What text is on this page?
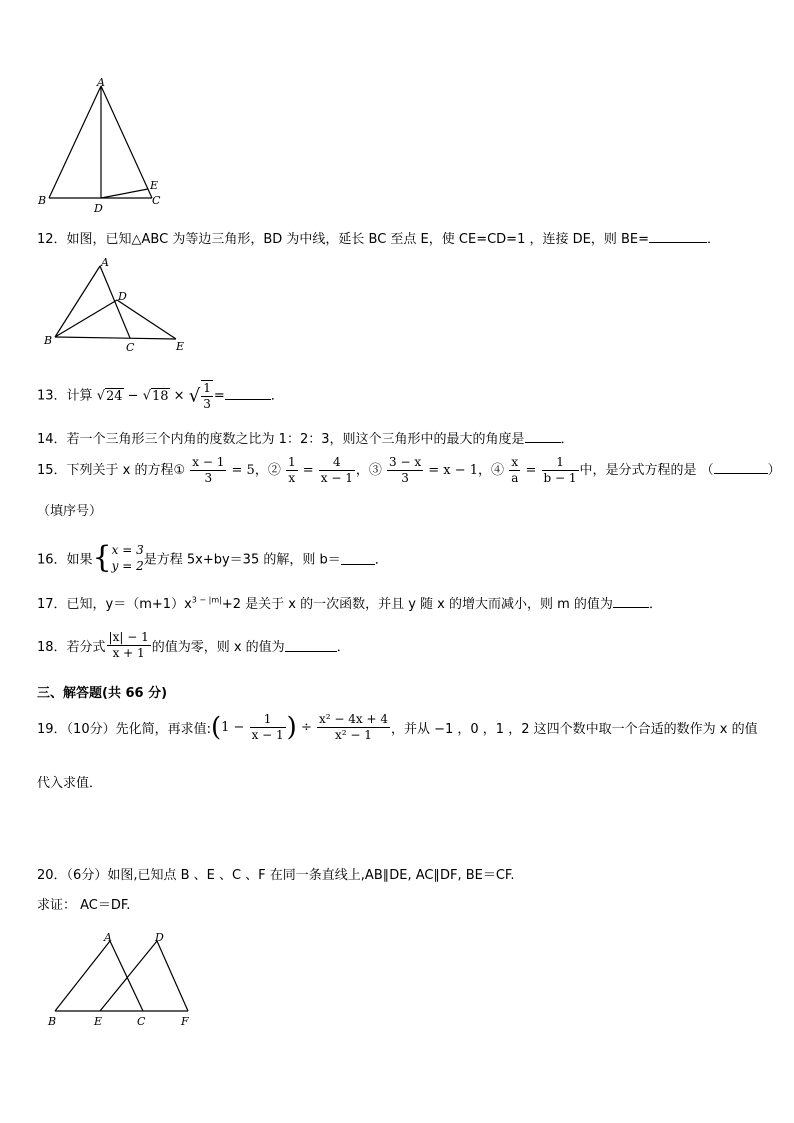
A
B	C
D
E
12．如图，已知△ABC 为等边三角形，BD 为中线，延长 BC 至点 E，使 CE=CD=1 ，连接 DE，则 BE=	．
A
B
C
D
E
13．计算 √24 − √18 × √ $\frac{1}{3}$ =	．
14．若一个三角形三个内角的度数之比为 1：2：3，则这个三角形中的最大的角度是	．
15．下列关于 x 的方程① $\frac{x - 1}{3} = 5$，② $\frac{1}{x} = \frac{4}{x - 1}$ ，③ $\frac{3 - x}{3} = x - 1$，④ $\frac{x}{a} = \frac{1}{b - 1}$ 中，是分式方程的是 （	）
（填序号）
16．如果{ x = 3
y = 2 是方程 5x+by＝35 的解，则 b＝	．
17．已知，$y=(m+1)x^{3 - |m|}+2$ 是关于 x 的一次函数，并且 y 随 x 的增大而减小，则 m 的值为	．
18．若分式 $\frac{|x| - 1}{x + 1}$ 的值为零，则 x 的值为	．
三、解答题(共 66 分)
19．（10分）先化简，再求值:(1 − $\frac{1}{x - 1}$ ) ÷ $\frac{\text{x² − 4x + 4}}{\text{x² − 1}}$ ，并从 −1 ，0 ，1 ，2 这四个数中取一个合适的数作为 x 的值
代入求值．
20．（6分）如图,已知点 B 、E 、C 、F 在同一条直线上,AB∥DE, AC∥DF, BE＝CF.
求证： AC＝DF.
A
B	C
D
E	F
